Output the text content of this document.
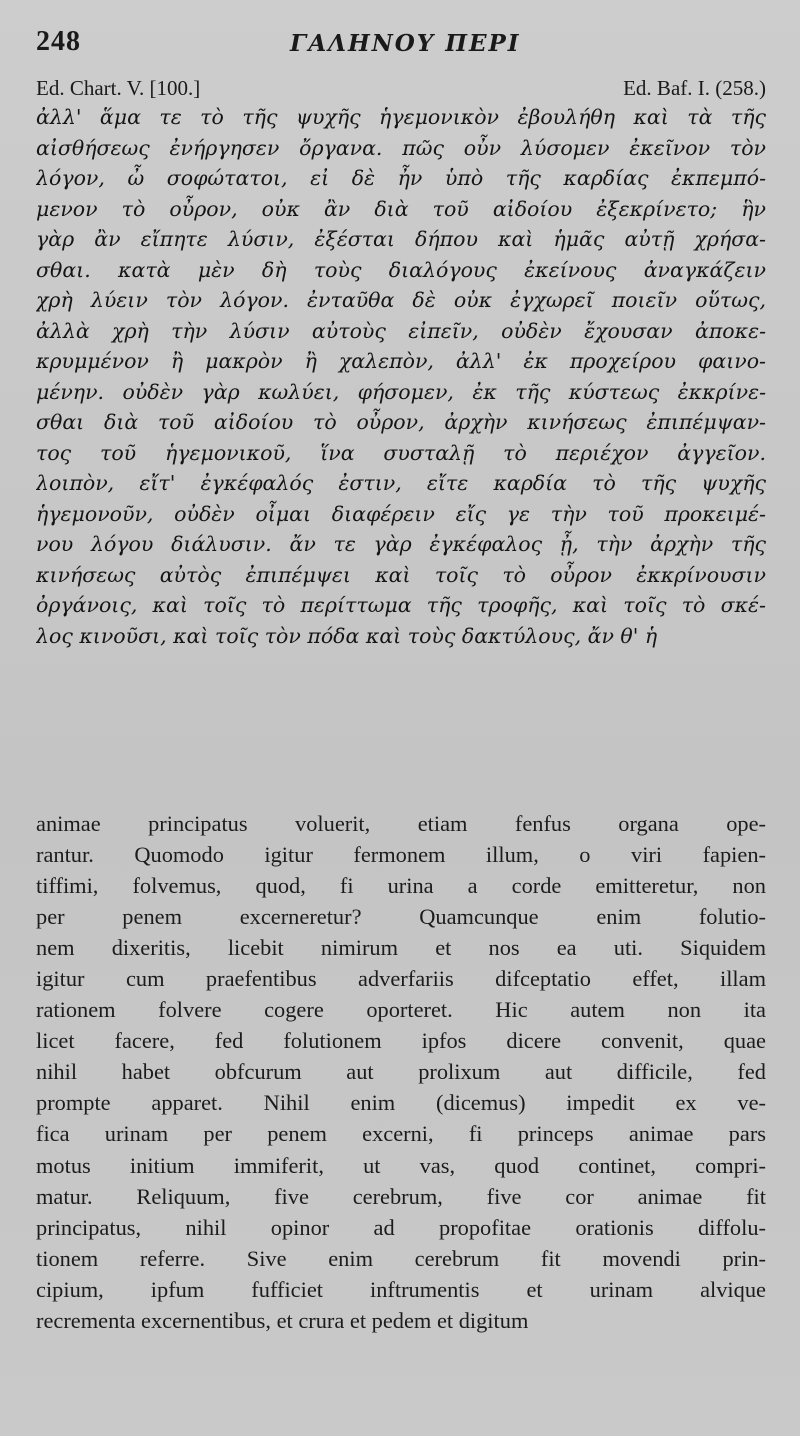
248	ΓΑΛΗΝΟΥ ΠΕΡΙ
Ed. Chart. V. [100.]	Ed. Baf. I. (258.)
ἀλλ' ἅμα τε τὸ τῆς ψυχῆς ἡγεμονικὸν ἐβουλήθη καὶ τὰ τῆς
αἰσθήσεως ἐνήργησεν ὄργανα. πῶς οὖν λύσομεν ἐκεῖνον τὸν
λόγον, ὦ σοφώτατοι, εἰ δὲ ἦν ὑπὸ τῆς καρδίας ἐκπεμπό-
μενον τὸ οὖρον, οὐκ ἂν διὰ τοῦ αἰδοίου ἐξεκρίνετο; ἣν
γὰρ ἂν εἴπητε λύσιν, ἐξέσται δήπου καὶ ἡμᾶς αὐτῇ χρήσα-
σθαι. κατὰ μὲν δὴ τοὺς διαλόγους ἐκείνους ἀναγκάζειν
χρὴ λύειν τὸν λόγον. ἐνταῦθα δὲ οὐκ ἐγχωρεῖ ποιεῖν οὕτως,
ἀλλὰ χρὴ τὴν λύσιν αὐτοὺς εἰπεῖν, οὐδὲν ἔχουσαν ἀποκε-
κρυμμένον ἢ μακρὸν ἢ χαλεπὸν, ἀλλ' ἐκ προχείρου φαινο-
μένην. οὐδὲν γὰρ κωλύει, φήσομεν, ἐκ τῆς κύστεως ἐκκρίνε-
σθαι διὰ τοῦ αἰδοίου τὸ οὖρον, ἀρχὴν κινήσεως ἐπιπέμψαν-
τος τοῦ ἡγεμονικοῦ, ἵνα συσταλῇ τὸ περιέχον ἀγγεῖον.
λοιπὸν, εἴτ' ἐγκέφαλός ἐστιν, εἴτε καρδία τὸ τῆς ψυχῆς
ἡγεμονοῦν, οὐδὲν οἶμαι διαφέρειν εἴς γε τὴν τοῦ προκειμέ-
νου λόγου διάλυσιν. ἄν τε γὰρ ἐγκέφαλος ᾖ, τὴν ἀρχὴν τῆς
κινήσεως αὐτὸς ἐπιπέμψει καὶ τοῖς τὸ οὖρον ἐκκρίνουσιν
ὀργάνοις, καὶ τοῖς τὸ περίττωμα τῆς τροφῆς, καὶ τοῖς τὸ σκέ-
λος κινοῦσι, καὶ τοῖς τὸν πόδα καὶ τοὺς δακτύλους, ἄν θ' ἡ
animae principatus voluerit, etiam fenfus organa ope-
rantur. Quomodo igitur fermonem illum, o viri fapien-
tiffimi, folvemus, quod, fi urina a corde emitteretur, non
per penem excerneretur? Quamcunque enim folutio-
nem dixeritis, licebit nimirum et nos ea uti. Siquidem
igitur cum praefentibus adverfariis difceptatio effet, illam
rationem folvere cogere oporteret. Hic autem non ita
licet facere, fed folutionem ipfos dicere convenit, quae
nihil habet obfcurum aut prolixum aut difficile, fed
prompte apparet. Nihil enim (dicemus) impedit ex ve-
fica urinam per penem excerni, fi princeps animae pars
motus initium immiferit, ut vas, quod continet, compri-
matur. Reliquum, five cerebrum, five cor animae fit
principatus, nihil opinor ad propofitae orationis diffolu-
tionem referre. Sive enim cerebrum fit movendi prin-
cipium, ipfum fufficiet inftrumentis et urinam alvique
recrementa excernentibus, et crura et pedem et digitum
